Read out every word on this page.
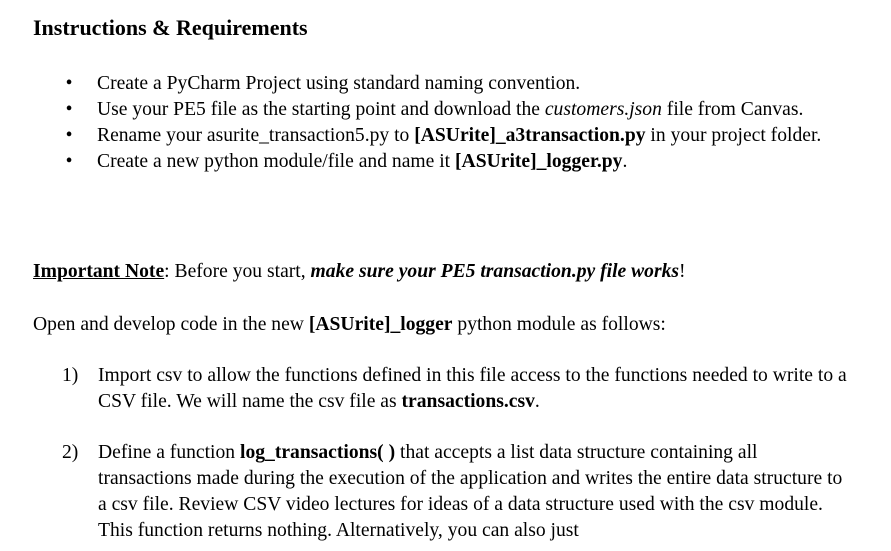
Instructions & Requirements
• Create a PyCharm Project using standard naming convention.
• Use your PE5 file as the starting point and download the customers.json file from Canvas.
• Rename your asurite_transaction5.py to [ASUrite]_a3transaction.py in your project folder.
• Create a new python module/file and name it [ASUrite]_logger.py.
Important Note: Before you start, make sure your PE5 transaction.py file works!
Open and develop code in the new [ASUrite]_logger python module as follows:
1) Import csv to allow the functions defined in this file access to the functions needed to write to a CSV file. We will name the csv file as transactions.csv.
2) Define a function log_transactions( ) that accepts a list data structure containing all transactions made during the execution of the application and writes the entire data structure to a csv file. Review CSV video lectures for ideas of a data structure used with the csv module. This function returns nothing. Alternatively, you can also just
